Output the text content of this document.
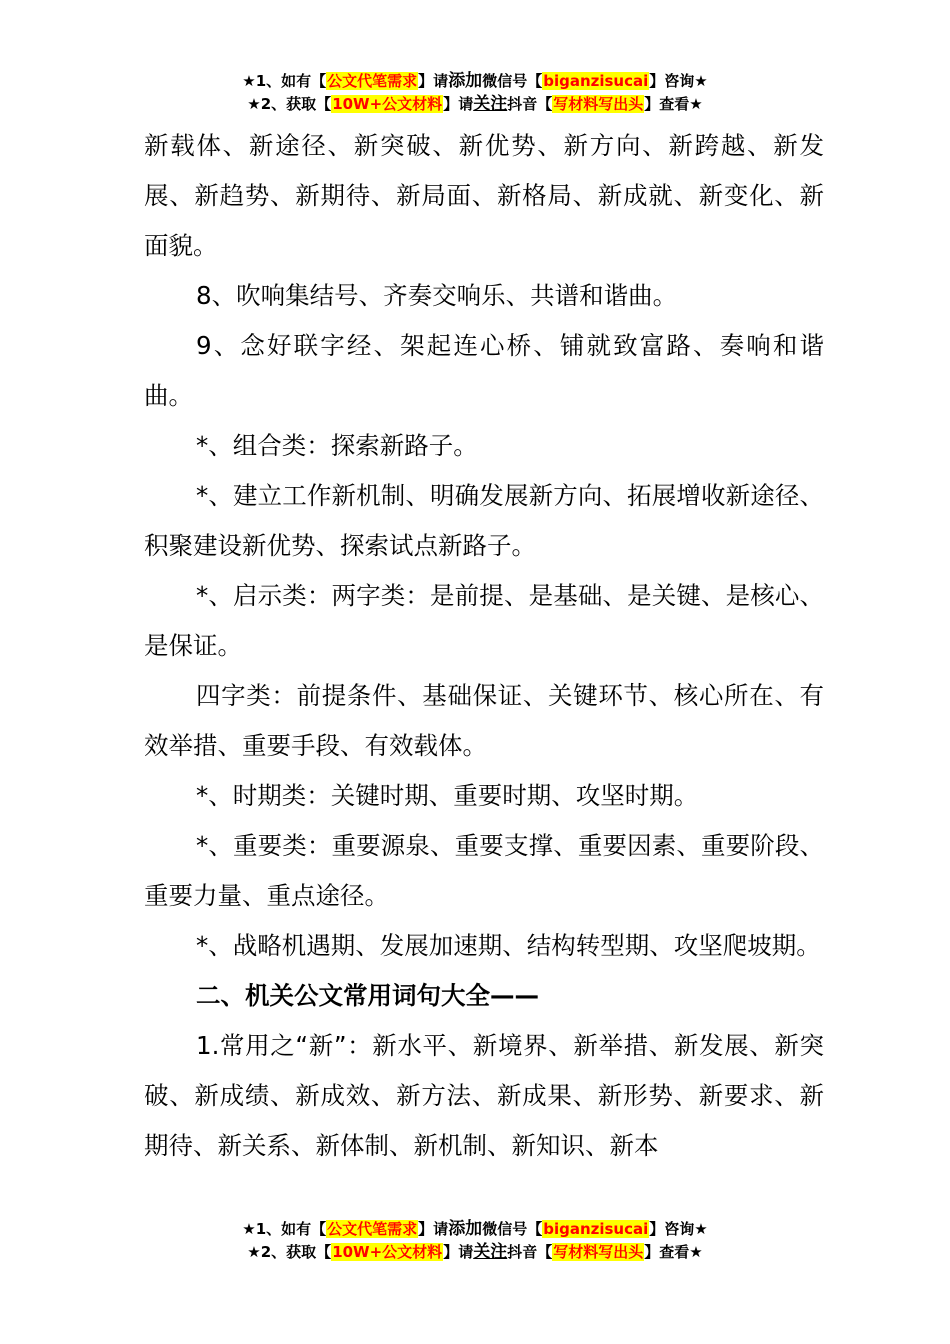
★1、如有【公文代笔需求】请添加微信号【biganzisucai】咨询★
★2、获取【10W+公文材料】请关注抖音【写材料写出头】查看★

新载体、新途径、新突破、新优势、新方向、新跨越、新发展、新趋势、新期待、新局面、新格局、新成就、新变化、新面貌。

8、吹响集结号、齐奏交响乐、共谱和谐曲。

9、念好联字经、架起连心桥、铺就致富路、奏响和谐曲。

*、组合类：探索新路子。

*、建立工作新机制、明确发展新方向、拓展增收新途径、积聚建设新优势、探索试点新路子。

*、启示类：两字类：是前提、是基础、是关键、是核心、是保证。

四字类：前提条件、基础保证、关键环节、核心所在、有效举措、重要手段、有效载体。

*、时期类：关键时期、重要时期、攻坚时期。

*、重要类：重要源泉、重要支撑、重要因素、重要阶段、重要力量、重点途径。

*、战略机遇期、发展加速期、结构转型期、攻坚爬坡期。

二、机关公文常用词句大全——

1.常用之“新”：新水平、新境界、新举措、新发展、新突破、新成绩、新成效、新方法、新成果、新形势、新要求、新期待、新关系、新体制、新机制、新知识、新本

★1、如有【公文代笔需求】请添加微信号【biganzisucai】咨询★
★2、获取【10W+公文材料】请关注抖音【写材料写出头】查看★
